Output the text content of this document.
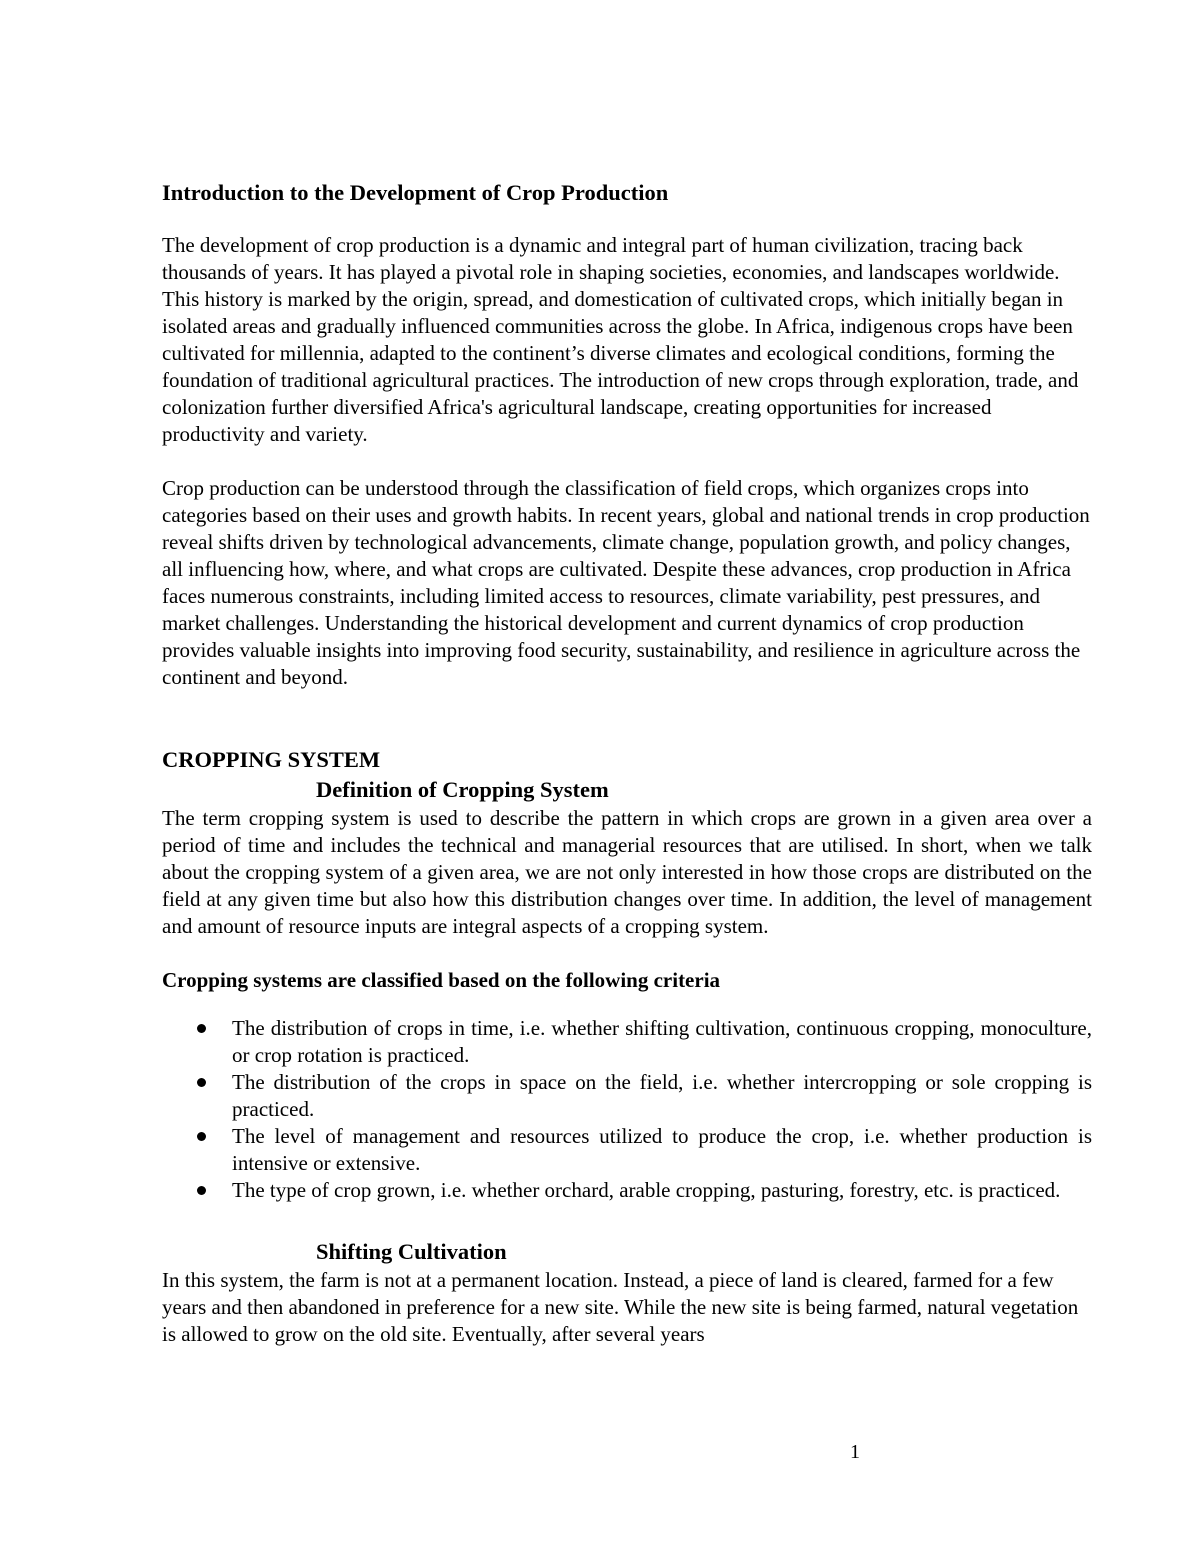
Introduction to the Development of Crop Production

The development of crop production is a dynamic and integral part of human civilization, tracing back thousands of years. It has played a pivotal role in shaping societies, economies, and landscapes worldwide. This history is marked by the origin, spread, and domestication of cultivated crops, which initially began in isolated areas and gradually influenced communities across the globe. In Africa, indigenous crops have been cultivated for millennia, adapted to the continent’s diverse climates and ecological conditions, forming the foundation of traditional agricultural practices. The introduction of new crops through exploration, trade, and colonization further diversified Africa's agricultural landscape, creating opportunities for increased productivity and variety.

Crop production can be understood through the classification of field crops, which organizes crops into categories based on their uses and growth habits. In recent years, global and national trends in crop production reveal shifts driven by technological advancements, climate change, population growth, and policy changes, all influencing how, where, and what crops are cultivated. Despite these advances, crop production in Africa faces numerous constraints, including limited access to resources, climate variability, pest pressures, and market challenges. Understanding the historical development and current dynamics of crop production provides valuable insights into improving food security, sustainability, and resilience in agriculture across the continent and beyond.

CROPPING SYSTEM
Definition of Cropping System

The term cropping system is used to describe the pattern in which crops are grown in a given area over a period of time and includes the technical and managerial resources that are utilised. In short, when we talk about the cropping system of a given area, we are not only interested in how those crops are distributed on the field at any given time but also how this distribution changes over time. In addition, the level of management and amount of resource inputs are integral aspects of a cropping system.

Cropping systems are classified based on the following criteria
The distribution of crops in time, i.e. whether shifting cultivation, continuous cropping, monoculture, or crop rotation is practiced.
The distribution of the crops in space on the field, i.e. whether intercropping or sole cropping is practiced.
The level of management and resources utilized to produce the crop, i.e. whether production is intensive or extensive.
The type of crop grown, i.e. whether orchard, arable cropping, pasturing, forestry, etc. is practiced.
Shifting Cultivation

In this system, the farm is not at a permanent location. Instead, a piece of land is cleared, farmed for a few years and then abandoned in preference for a new site. While the new site is being farmed, natural vegetation is allowed to grow on the old site. Eventually, after several years

1
